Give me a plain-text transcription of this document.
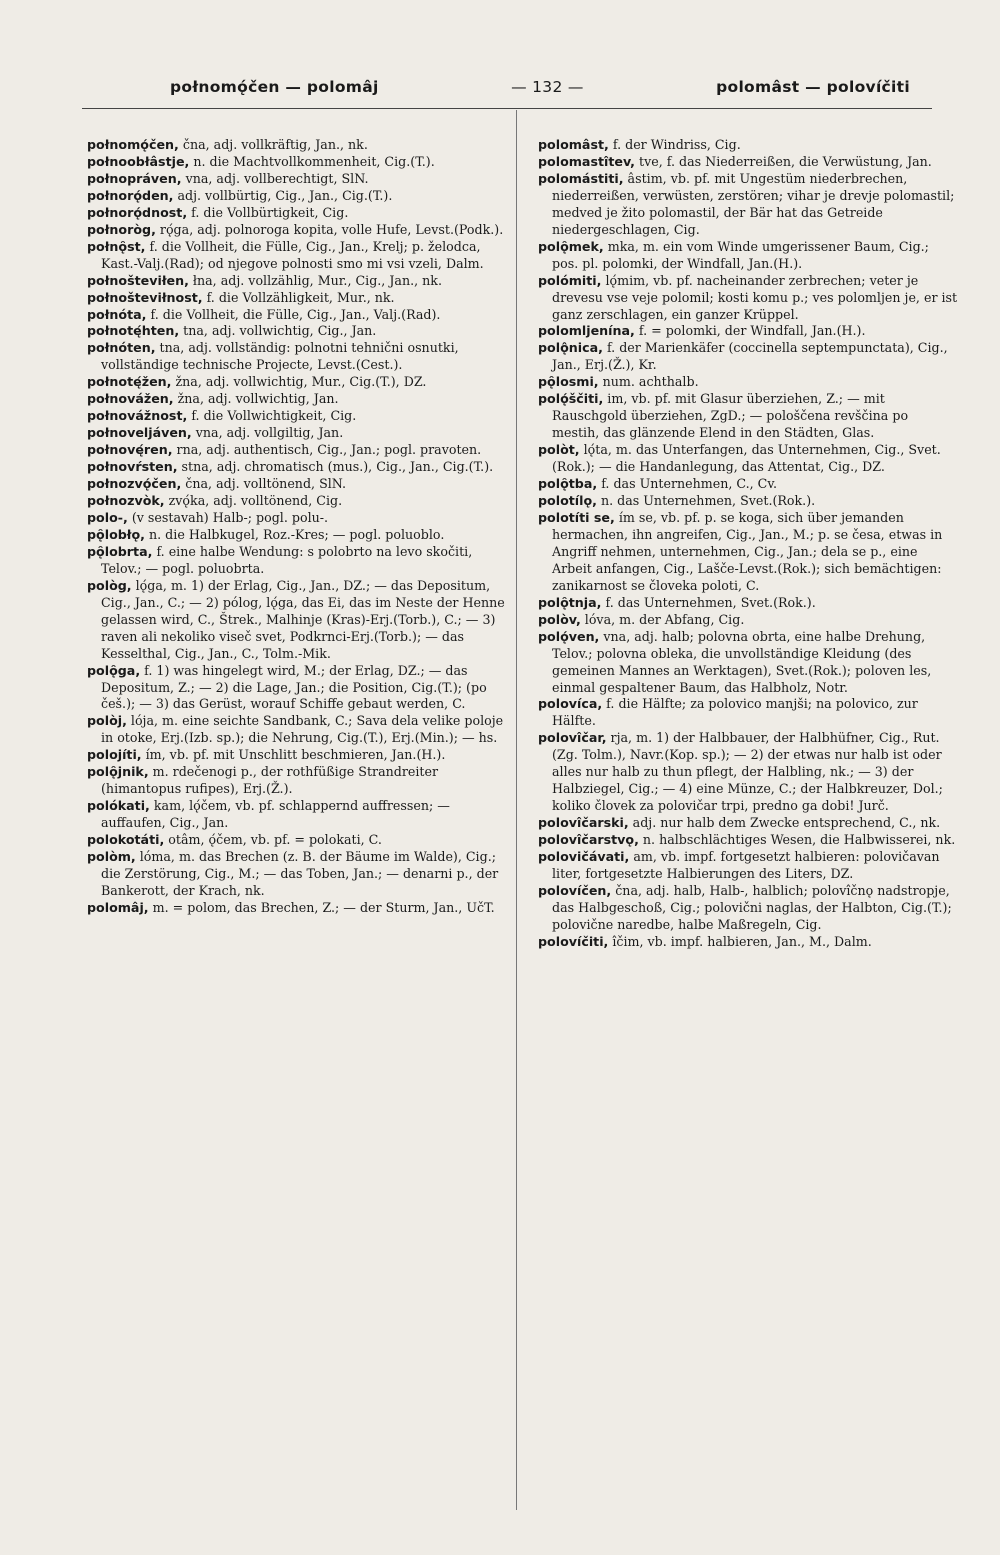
połnomǫ́čen — polomâj	— 132 —	polomâst — polovíčiti

połnomǫ́čen, čna, adj. vollkräftig, Jan., nk.

połnoobłâstje, n. die Machtvollkommenheit, Cig.(T.).

połnopráven, vna, adj. vollberechtigt, SlN.

połnorǫ́den, adj. vollbürtig, Cig., Jan., Cig.(T.).

połnorǫ́dnost, f. die Vollbürtigkeit, Cig.

połnoròg, rǫ́ga, adj. polnoroga kopita, volle Hufe, Levst.(Podk.).

połnǫ̑st, f. die Vollheit, die Fülle, Cig., Jan., Krelj; p. želodca, Kast.-Valj.(Rad); od njegove polnosti smo mi vsi vzeli, Dalm.

połnošteviłen, łna, adj. vollzählig, Mur., Cig., Jan., nk.

połnošteviłnost, f. die Vollzähligkeit, Mur., nk.

połnóta, f. die Vollheit, die Fülle, Cig., Jan., Valj.(Rad).

połnotę́hten, tna, adj. vollwichtig, Cig., Jan.

połnóten, tna, adj. vollständig: polnotni tehnični osnutki, vollständige technische Projecte, Levst.(Cest.).

połnotę́žen, žna, adj. vollwichtig, Mur., Cig.(T.), DZ.

połnovážen, žna, adj. vollwichtig, Jan.

połnovážnost, f. die Vollwichtigkeit, Cig.

połnoveljáven, vna, adj. vollgiltig, Jan.

połnovę́ren, rna, adj. authentisch, Cig., Jan.; pogl. pravoten.

połnovŕsten, stna, adj. chromatisch (mus.), Cig., Jan., Cig.(T.).

połnozvǫ́čen, čna, adj. volltönend, SlN.

połnozvòk, zvǫ́ka, adj. volltönend, Cig.

polo-, (v sestavah) Halb-; pogl. polu-.

pǫ̑lobłǫ, n. die Halbkugel, Roz.-Kres; — pogl. poluoblo.

pǫ̑lobrta, f. eine halbe Wendung: s polobrto na levo skočiti, Telov.; — pogl. poluobrta.

pològ, lǫ́ga, m. 1) der Erlag, Cig., Jan., DZ.; — das Depositum, Cig., Jan., C.; — 2) pólog, lǫ́ga, das Ei, das im Neste der Henne gelassen wird, C., Štrek., Malhinje (Kras)-Erj.(Torb.), C.; — 3) raven ali nekoliko viseč svet, Podkrnci-Erj.(Torb.); — das Kesselthal, Cig., Jan., C., Tolm.-Mik.

polǫ̑ga, f. 1) was hingelegt wird, M.; der Erlag, DZ.; — das Depositum, Z.; — 2) die Lage, Jan.; die Position, Cig.(T.); (po češ.); — 3) das Gerüst, worauf Schiffe gebaut werden, C.

polòj, lója, m. eine seichte Sandbank, C.; Sava dela velike poloje in otoke, Erj.(Izb. sp.); die Nehrung, Cig.(T.), Erj.(Min.); — hs.

polojíti, ím, vb. pf. mit Unschlitt beschmieren, Jan.(H.).

polǫ̑jnik, m. rdečenogi p., der rothfüßige Strandreiter (himantopus rufipes), Erj.(Ž.).

polókati, kam, lǫ́čem, vb. pf. schlappernd auffressen; — auffaufen, Cig., Jan.

polokotáti, otâm, ǫ́čem, vb. pf. = polokati, C.

polòm, lóma, m. das Brechen (z. B. der Bäume im Walde), Cig.; die Zerstörung, Cig., M.; — das Toben, Jan.; — denarni p., der Bankerott, der Krach, nk.

polomâj, m. = polom, das Brechen, Z.; — der Sturm, Jan., UčT.

polomâst, f. der Windriss, Cig.

polomastîtev, tve, f. das Niederreißen, die Verwüstung, Jan.

polomástiti, âstim, vb. pf. mit Ungestüm niederbrechen, niederreißen, verwüsten, zerstören; vihar je drevje polomastil; medved je žito polomastil, der Bär hat das Getreide niedergeschlagen, Cig.

polǫ̑mek, mka, m. ein vom Winde umgerissener Baum, Cig.; pos. pl. polomki, der Windfall, Jan.(H.).

polómiti, lǫ́mim, vb. pf. nacheinander zerbrechen; veter je drevesu vse veje polomil; kosti komu p.; ves polomljen je, er ist ganz zerschlagen, ein ganzer Krüppel.

polomljenína, f. = polomki, der Windfall, Jan.(H.).

polǫ̂nica, f. der Marienkäfer (coccinella septempunctata), Cig., Jan., Erj.(Ž.), Kr.

pǫ̑losmi, num. achthalb.

polǫ́ščiti, im, vb. pf. mit Glasur überziehen, Z.; — mit Rauschgold überziehen, ZgD.; — pološčena revščina po mestih, das glänzende Elend in den Städten, Glas.

polòt, lǫ́ta, m. das Unterfangen, das Unternehmen, Cig., Svet.(Rok.); — die Handanlegung, das Attentat, Cig., DZ.

polǫ̑tba, f. das Unternehmen, C., Cv.

polotílǫ, n. das Unternehmen, Svet.(Rok.).

polotíti se, ím se, vb. pf. p. se koga, sich über jemanden hermachen, ihn angreifen, Cig., Jan., M.; p. se česa, etwas in Angriff nehmen, unternehmen, Cig., Jan.; dela se p., eine Arbeit anfangen, Cig., Lašče-Levst.(Rok.); sich bemächtigen: zanikarnost se človeka poloti, C.

polǫ̑tnja, f. das Unternehmen, Svet.(Rok.).

polòv, lóva, m. der Abfang, Cig.

polǫ́ven, vna, adj. halb; polovna obrta, eine halbe Drehung, Telov.; polovna obleka, die unvollständige Kleidung (des gemeinen Mannes an Werktagen), Svet.(Rok.); poloven les, einmal gespaltener Baum, das Halbholz, Notr.

polovíca, f. die Hälfte; za polovico manjši; na polovico, zur Hälfte.

polovîčar, rja, m. 1) der Halbbauer, der Halbhüfner, Cig., Rut.(Zg. Tolm.), Navr.(Kop. sp.); — 2) der etwas nur halb ist oder alles nur halb zu thun pflegt, der Halbling, nk.; — 3) der Halbziegel, Cig.; — 4) eine Münze, C.; der Halbkreuzer, Dol.; koliko človek za polovičar trpi, predno ga dobi! Jurč.

polovîčarski, adj. nur halb dem Zwecke entsprechend, C., nk.

polovîčarstvǫ, n. halbschlächtiges Wesen, die Halbwisserei, nk.

polovičávati, am, vb. impf. fortgesetzt halbieren: polovičavan liter, fortgesetzte Halbierungen des Liters, DZ.

polovíčen, čna, adj. halb, Halb-, halblich; polovîčnǫ nadstropje, das Halbgeschoß, Cig.; polovični naglas, der Halbton, Cig.(T.); polovične naredbe, halbe Maßregeln, Cig.

polovíčiti, îčim, vb. impf. halbieren, Jan., M., Dalm.
